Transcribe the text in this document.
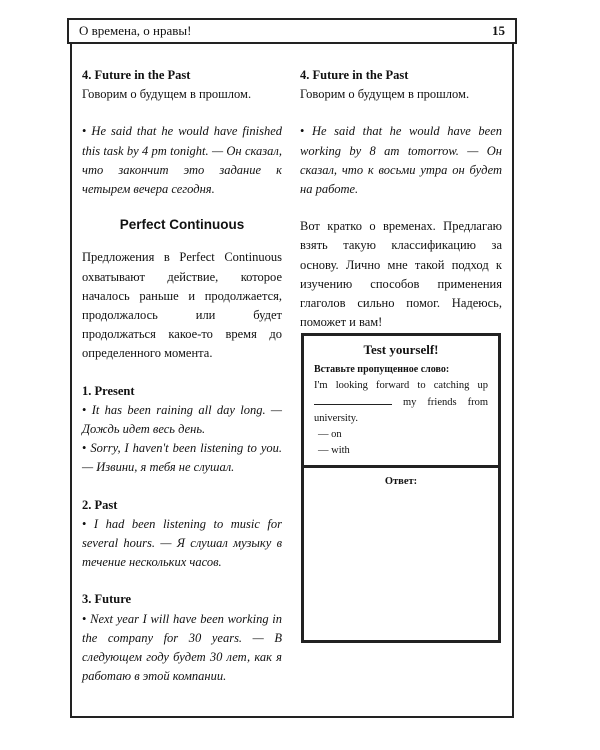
О времена, о нравы!	15
4. Future in the Past

Говорим о будущем в прошлом.

• He said that he would have finished this task by 4 pm tonight. — Он сказал, что закончит это задание к четырем вечера сегодня.

Perfect Continuous

Предложения в Perfect Continuous охватывают действие, которое началось раньше и продолжается, продолжалось или будет продолжаться какое-то время до определенного момента.

1. Present

• It has been raining all day long. — Дождь идет весь день.

• Sorry, I haven't been listening to you. — Извини, я тебя не слушал.

2. Past

• I had been listening to music for several hours. — Я слушал музыку в течение нескольких часов.

3. Future

• Next year I will have been working in the company for 30 years. — В следующем году будет 30 лет, как я работаю в этой компании.

4. Future in the Past

Говорим о будущем в прошлом.

• He said that he would have been working by 8 am tomorrow. — Он сказал, что к восьми утра он будет на работе.

Вот кратко о временах. Предлагаю взять такую классификацию за основу. Лично мне такой подход к изучению способов применения глаголов сильно помог. Надеюсь, поможет и вам!

Test yourself!
Вставьте пропущенное слово:

I'm looking forward to catching up  my friends from university.

— on
— with
Ответ:
